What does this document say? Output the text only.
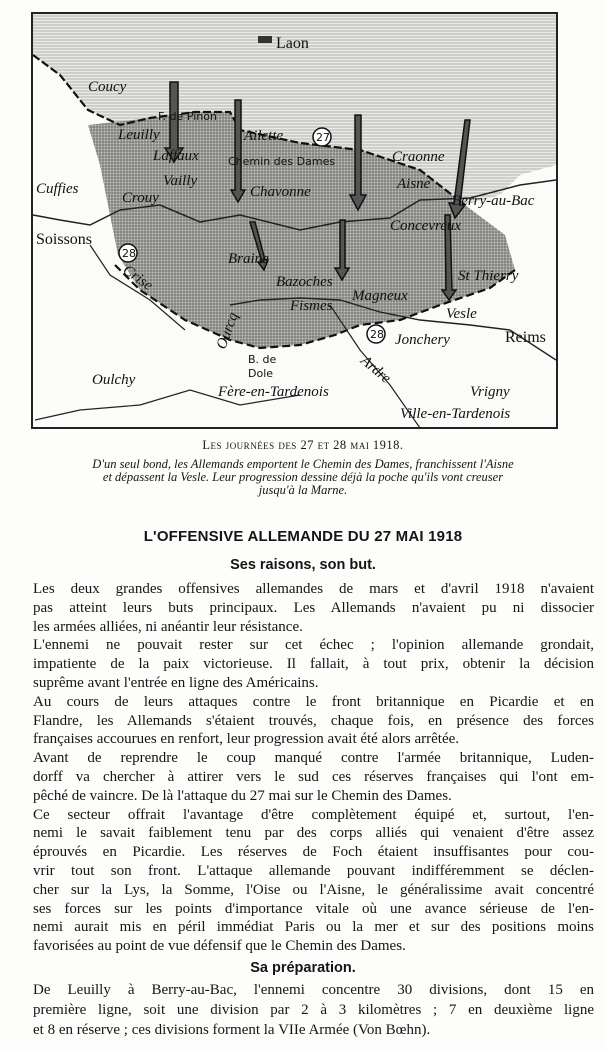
Laon
Coucy
F. de Pinon
Leuilly	Ailette
Laffaux	Chemin des Dames	Craonne
Vailly
Cuffies
Crouy	Chavonne	Aisne
Berry-au-Bac
Concevreux
Soissons
Braine
Bazoches	St Thierry
Fismes
Magneux
Vesle
Jonchery	Reims
Crise
Ourcq
Ardre
B. de
Dole
Oulchy
Fère-en-Tardenois	Vrigny
Ville-en-Tardenois
27
28
28
Les journées des 27 et 28 mai 1918.
D'un seul bond, les Allemands emportent le Chemin des Dames, franchissent l'Aisne
et dépassent la Vesle. Leur progression dessine déjà la poche qu'ils vont creuser
jusqu'à la Marne.
L'OFFENSIVE ALLEMANDE DU 27 MAI 1918
Ses raisons, son but.
Les deux grandes offensives allemandes de mars et d'avril 1918 n'avaient
pas atteint leurs buts principaux. Les Allemands n'avaient pu ni dissocier
les armées alliées, ni anéantir leur résistance.
L'ennemi ne pouvait rester sur cet échec ; l'opinion allemande grondait,
impatiente de la paix victorieuse. Il fallait, à tout prix, obtenir la décision
suprême avant l'entrée en ligne des Américains.
Au cours de leurs attaques contre le front britannique en Picardie et en
Flandre, les Allemands s'étaient trouvés, chaque fois, en présence des forces
françaises accourues en renfort, leur progression avait été alors arrêtée.
Avant de reprendre le coup manqué contre l'armée britannique, Luden-
dorff va chercher à attirer vers le sud ces réserves françaises qui l'ont em-
pêché de vaincre. De là l'attaque du 27 mai sur le Chemin des Dames.
Ce secteur offrait l'avantage d'être complètement équipé et, surtout, l'en-
nemi le savait faiblement tenu par des corps alliés qui venaient d'être assez
éprouvés en Picardie. Les réserves de Foch étaient insuffisantes pour cou-
vrir tout son front. L'attaque allemande pouvant indifféremment se déclen-
cher sur la Lys, la Somme, l'Oise ou l'Aisne, le généralissime avait concentré
ses forces sur les points d'importance vitale où une avance sérieuse de l'en-
nemi aurait mis en péril immédiat Paris ou la mer et sur des positions moins
favorisées au point de vue défensif que le Chemin des Dames.
Sa préparation.
De Leuilly à Berry-au-Bac, l'ennemi concentre 30 divisions, dont 15 en
première ligne, soit une division par 2 à 3 kilomètres ; 7 en deuxième ligne
et 8 en réserve ; ces divisions forment la VIIe Armée (Von Bœhn).
